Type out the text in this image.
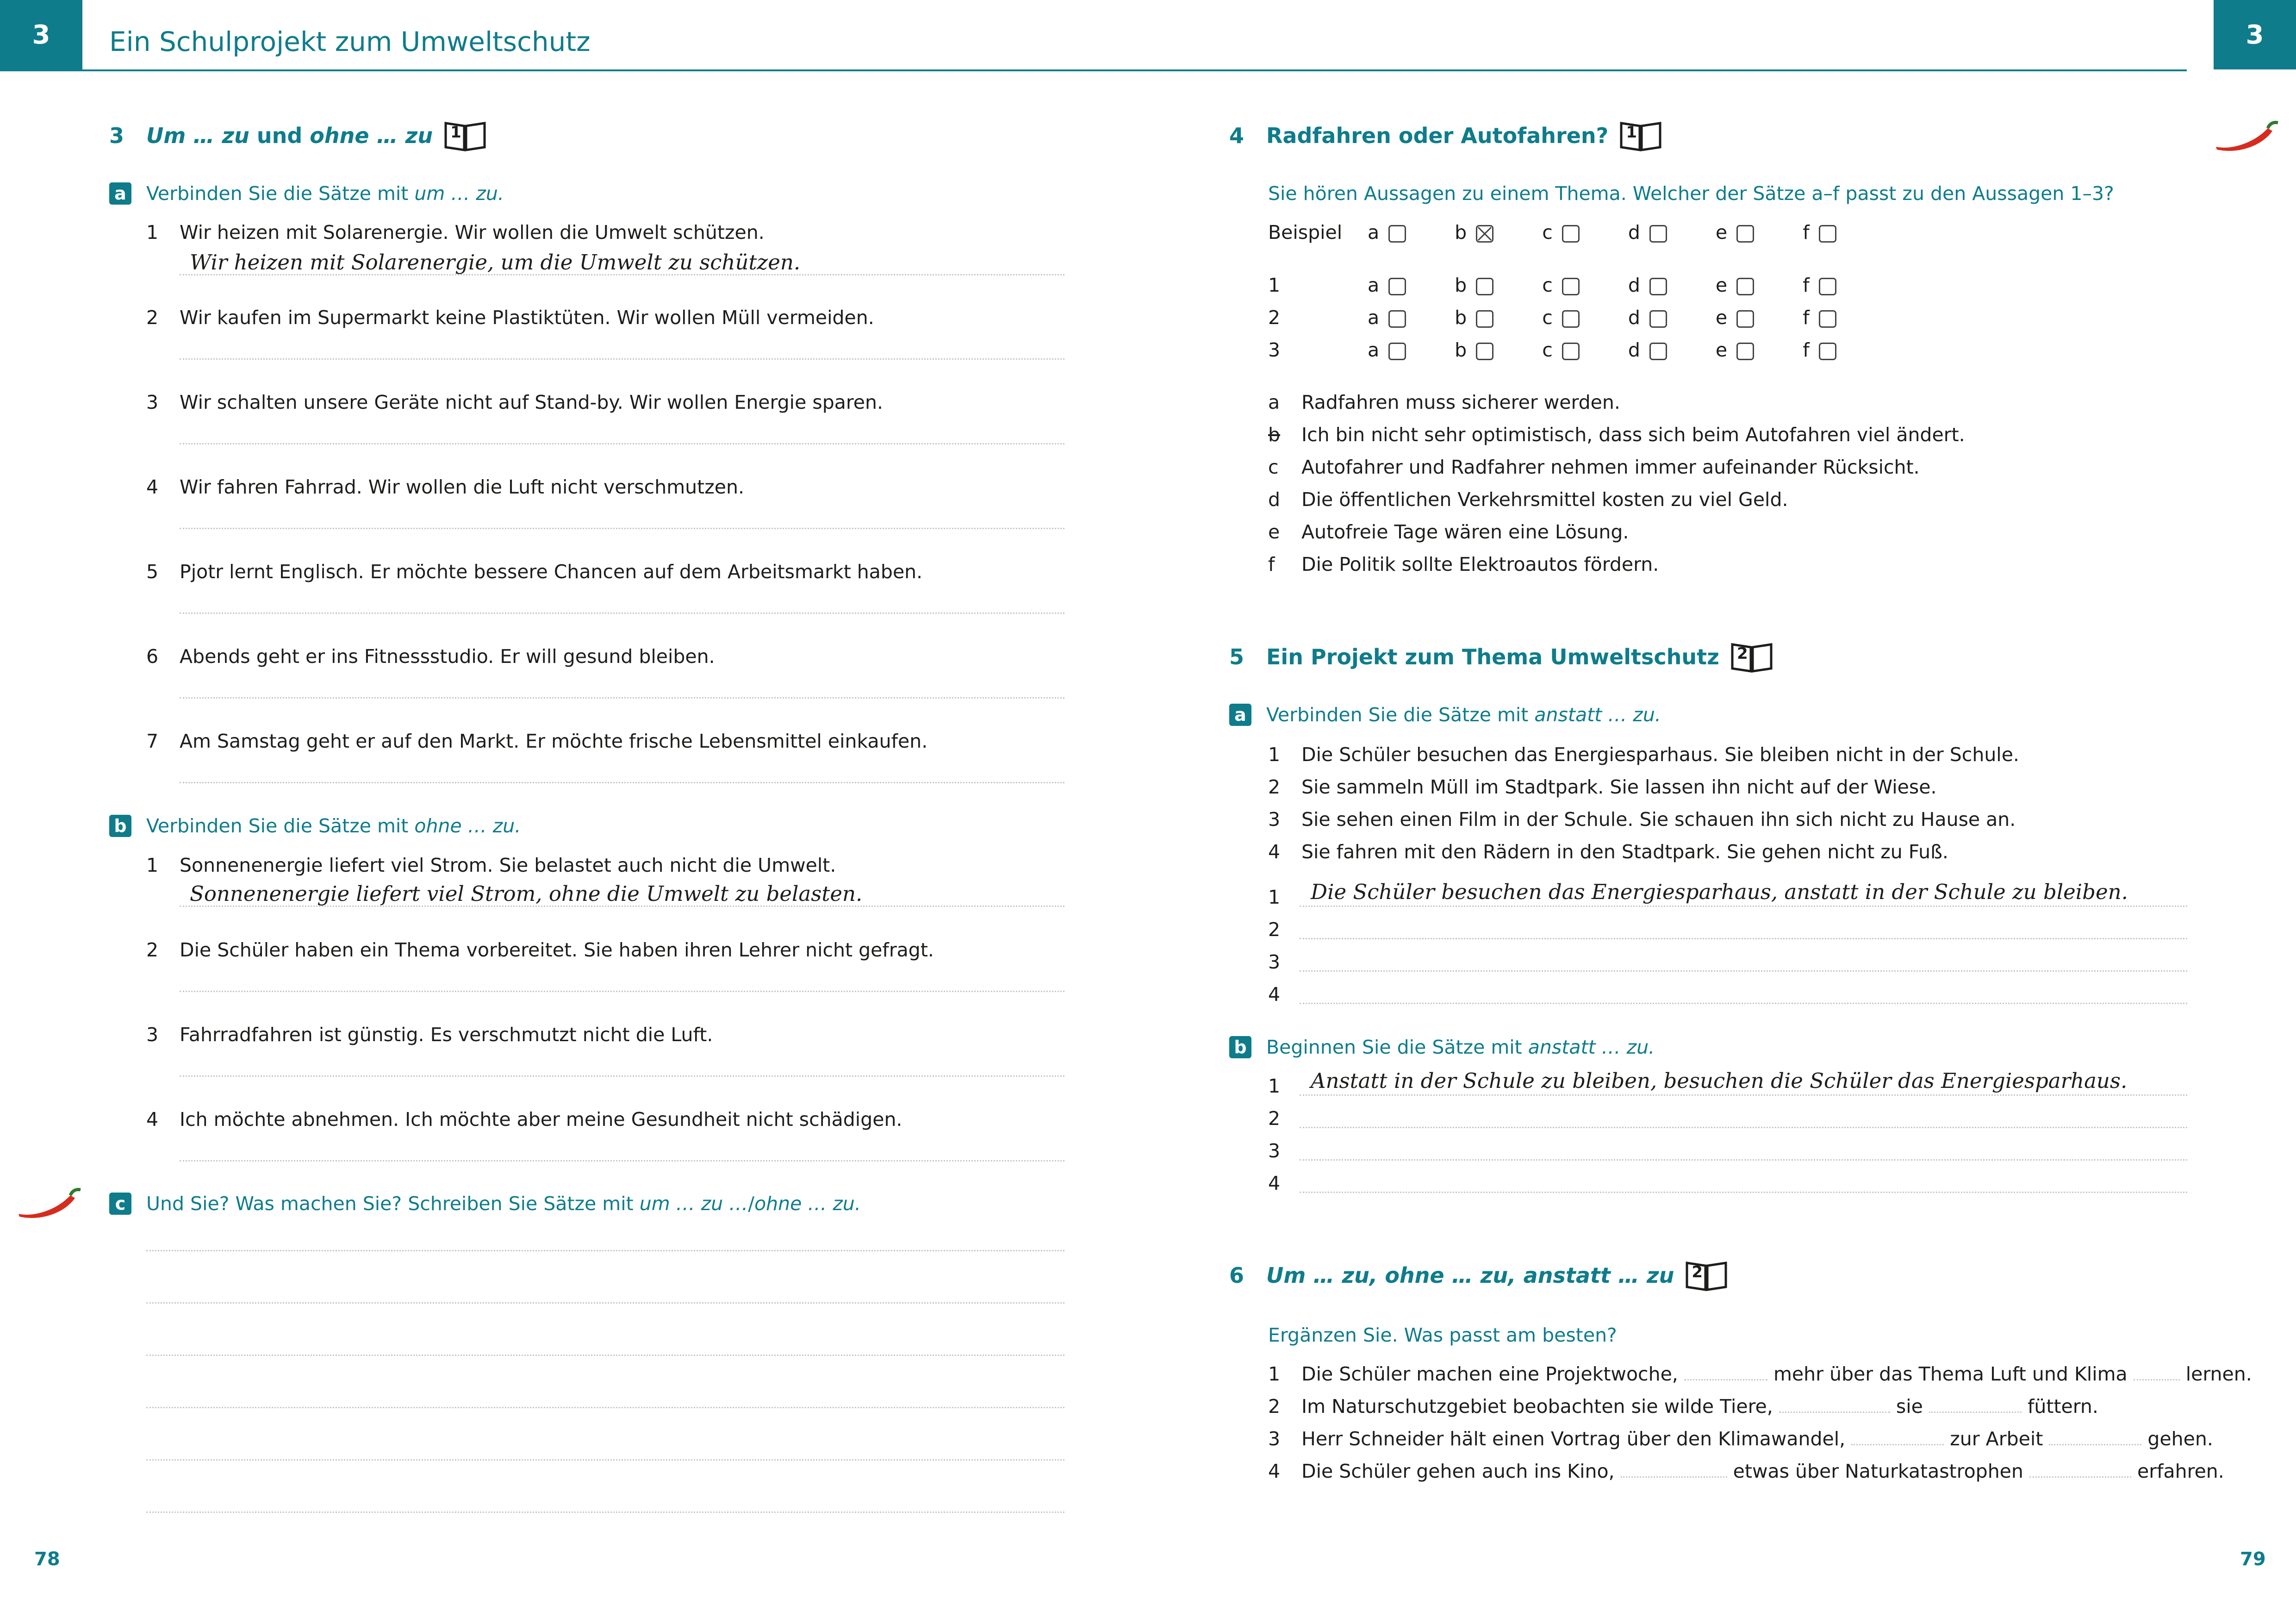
3	3
Ein Schulprojekt zum Umweltschutz
3	Um … zu und ohne … zu 1
a Verbinden Sie die Sätze mit um … zu.
1 Wir heizen mit Solarenergie. Wir wollen die Umwelt schützen.
Wir heizen mit Solarenergie, um die Umwelt zu schützen.
2 Wir kaufen im Supermarkt keine Plastiktüten. Wir wollen Müll vermeiden.
3 Wir schalten unsere Geräte nicht auf Stand-by. Wir wollen Energie sparen.
4 Wir fahren Fahrrad. Wir wollen die Luft nicht verschmutzen.
5 Pjotr lernt Englisch. Er möchte bessere Chancen auf dem Arbeitsmarkt haben.
6 Abends geht er ins Fitnessstudio. Er will gesund bleiben.
7 Am Samstag geht er auf den Markt. Er möchte frische Lebensmittel einkaufen.
b Verbinden Sie die Sätze mit ohne … zu.
1 Sonnenenergie liefert viel Strom. Sie belastet auch nicht die Umwelt.
Sonnenenergie liefert viel Strom, ohne die Umwelt zu belasten.
2 Die Schüler haben ein Thema vorbereitet. Sie haben ihren Lehrer nicht gefragt.
3 Fahrradfahren ist günstig. Es verschmutzt nicht die Luft.
4 Ich möchte abnehmen. Ich möchte aber meine Gesundheit nicht schädigen.
c	Und Sie? Was machen Sie? Schreiben Sie Sätze mit um … zu … / ohne … zu.
78
4	Radfahren oder Autofahren? 1
Sie hören Aussagen zu einem Thema. Welcher der Sätze a–f passt zu den Aussagen 1–3?
Beispiel a	b	c	d	e	f
1	a	b	c	d	e	f
2	a	b	c	d	e	f
3	a	b	c	d	e	f
a Radfahren muss sicherer werden.
b Ich bin nicht sehr optimistisch, dass sich beim Autofahren viel ändert.
c Autofahrer und Radfahrer nehmen immer aufeinander Rücksicht.
d Die öffentlichen Verkehrsmittel kosten zu viel Geld.
e Autofreie Tage wären eine Lösung.
f Die Politik sollte Elektroautos fördern.
5	Ein Projekt zum Thema Umweltschutz 2
a Verbinden Sie die Sätze mit anstatt … zu.
1 Die Schüler besuchen das Energiesparhaus. Sie bleiben nicht in der Schule.
2 Sie sammeln Müll im Stadtpark. Sie lassen ihn nicht auf der Wiese.
3 Sie sehen einen Film in der Schule. Sie schauen ihn sich nicht zu Hause an.
4 Sie fahren mit den Rädern in den Stadtpark. Sie gehen nicht zu Fuß.
1 Die Schüler besuchen das Energiesparhaus, anstatt in der Schule zu bleiben.
2
3
4
b Beginnen Sie die Sätze mit anstatt … zu.
1 Anstatt in der Schule zu bleiben, besuchen die Schüler das Energiesparhaus.
2
3
4
6	Um … zu, ohne … zu, anstatt … zu 2
Ergänzen Sie. Was passt am besten?
1 Die Schüler machen eine Projektwoche,	mehr über das Thema Luft und Klima	lernen.
2 Im Naturschutzgebiet beobachten sie wilde Tiere,	sie	füttern.
3 Herr Schneider hält einen Vortrag über den Klimawandel,	zur Arbeit	gehen.
4 Die Schüler gehen auch ins Kino,	etwas über Naturkatastrophen	erfahren.
79
